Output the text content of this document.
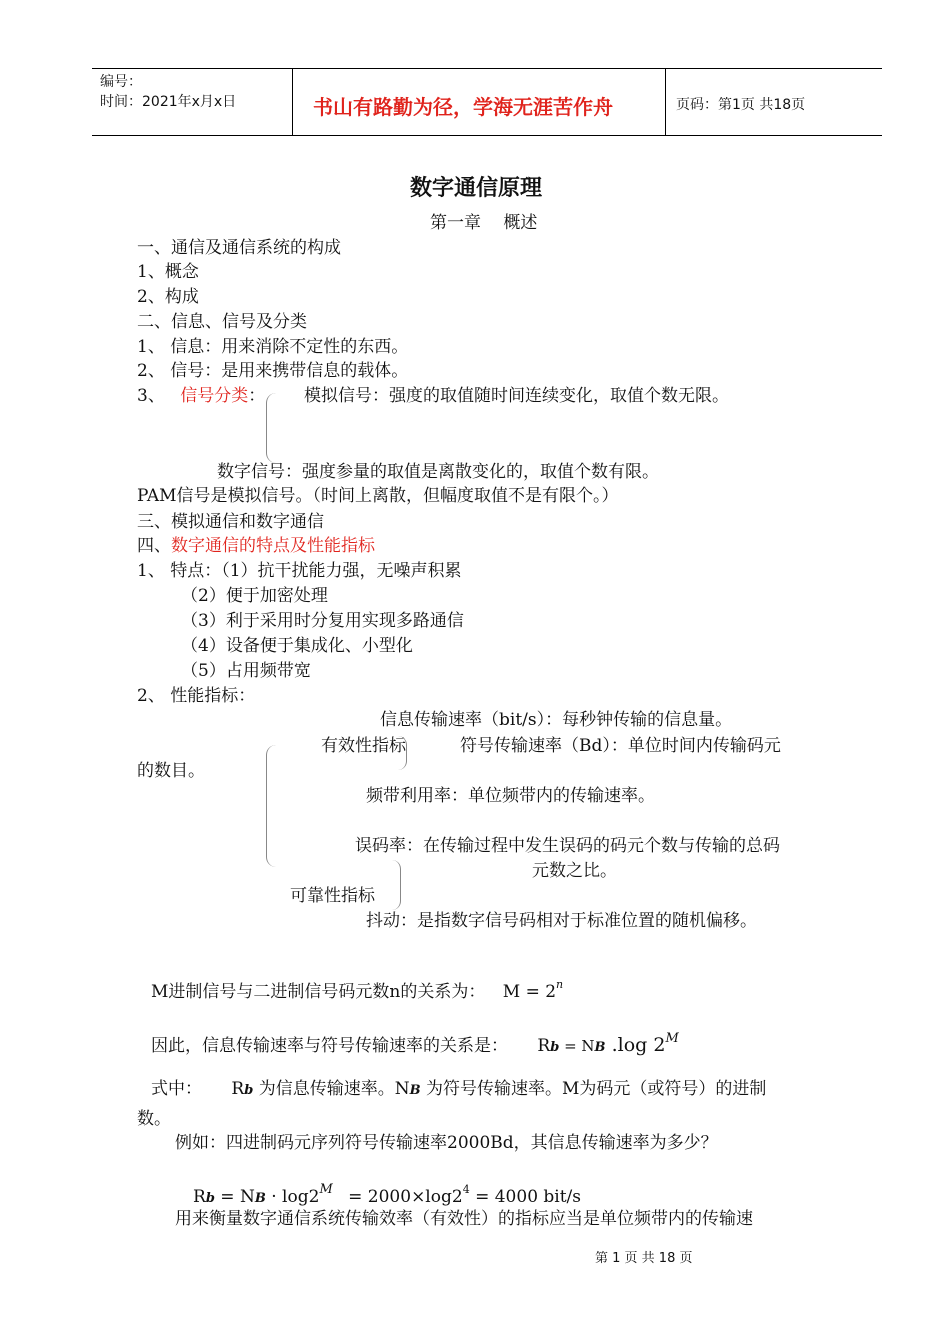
编号：
时间：2021年x月x日	书山有路勤为径，学海无涯苦作舟	页码：第1页 共18页
数字通信原理
第一章　 概述
一、通信及通信系统的构成
1、概念
2、构成
二、信息、信号及分类
1、 信息：用来消除不定性的东西。
2、 信号：是用来携带信息的载体。
3、 信号分类： 模拟信号：强度的取值随时间连续变化，取值个数无限。
数字信号：强度参量的取值是离散变化的，取值个数有限。
PAM信号是模拟信号。（时间上离散，但幅度取值不是有限个。）
三、模拟通信和数字通信
四、数字通信的特点及性能指标
1、 特点：（1）抗干扰能力强，无噪声积累
（2）便于加密处理
（3）利于采用时分复用实现多路通信
（4）设备便于集成化、小型化
（5）占用频带宽
2、 性能指标：
信息传输速率（bit/s）：每秒钟传输的信息量。
有效性指标	符号传输速率（Bd）：单位时间内传输码元
的数目。
频带利用率：单位频带内的传输速率。
误码率：在传输过程中发生误码的码元个数与传输的总码
元数之比。
可靠性指标
抖动：是指数字信号码相对于标准位置的随机偏移。
M进制信号与二进制信号码元数n的关系为： $M = 2^n$
因此，信息传输速率与符号传输速率的关系是： Rb = NB .log $2^M$
式中： Rb 为信息传输速率。NB 为符号传输速率。M为码元（或符号）的进制
数。
例如：四进制码元序列符号传输速率2000Bd，其信息传输速率为多少？
Rb = NB · $\log 2^M = 2000\times\log 2^4 = 4000$ bit/s
用来衡量数字通信系统传输效率（有效性）的指标应当是单位频带内的传输速
第 1 页 共 18 页
